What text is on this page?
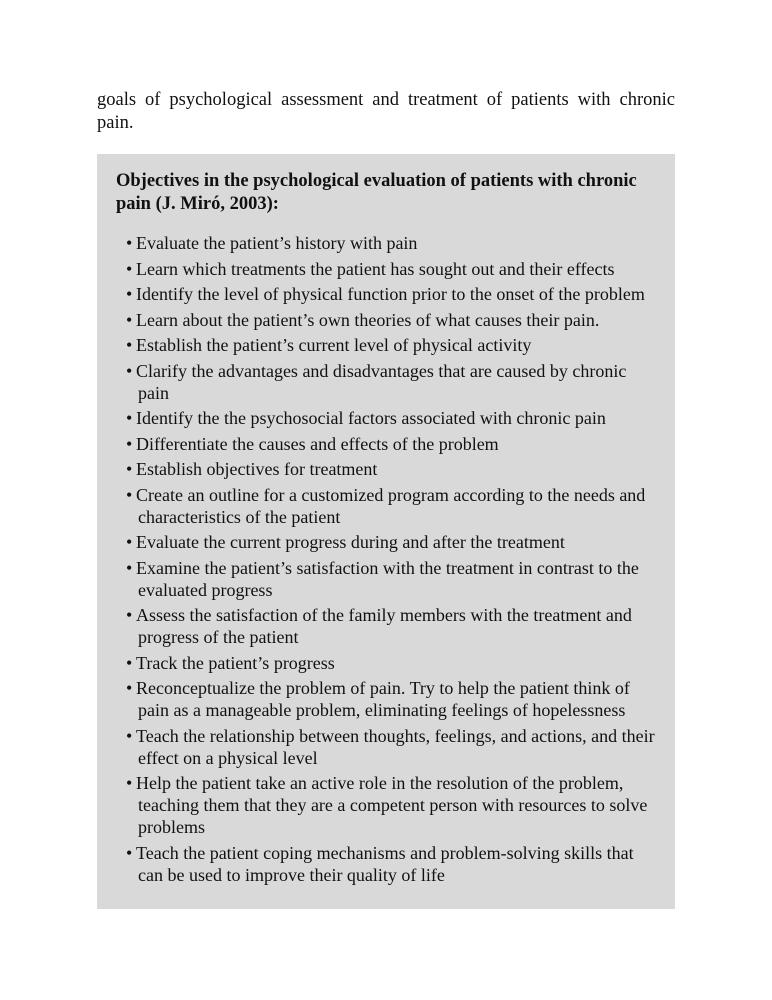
goals of psychological assessment and treatment of patients with chronic pain.

Objectives in the psychological evaluation of patients with chronic pain (J. Miró, 2003):

• Evaluate the patient’s history with pain
• Learn which treatments the patient has sought out and their effects
• Identify the level of physical function prior to the onset of the problem
• Learn about the patient’s own theories of what causes their pain.
• Establish the patient’s current level of physical activity
• Clarify the advantages and disadvantages that are caused by chronic pain
• Identify the the psychosocial factors associated with chronic pain
• Differentiate the causes and effects of the problem
• Establish objectives for treatment
• Create an outline for a customized program according to the needs and characteristics of the patient
• Evaluate the current progress during and after the treatment
• Examine the patient’s satisfaction with the treatment in contrast to the evaluated progress
• Assess the satisfaction of the family members with the treatment and progress of the patient
• Track the patient’s progress
• Reconceptualize the problem of pain. Try to help the patient think of pain as a manageable problem, eliminating feelings of hopelessness
• Teach the relationship between thoughts, feelings, and actions, and their effect on a physical level
• Help the patient take an active role in the resolution of the problem, teaching them that they are a competent person with resources to solve problems
• Teach the patient coping mechanisms and problem-solving skills that can be used to improve their quality of life
